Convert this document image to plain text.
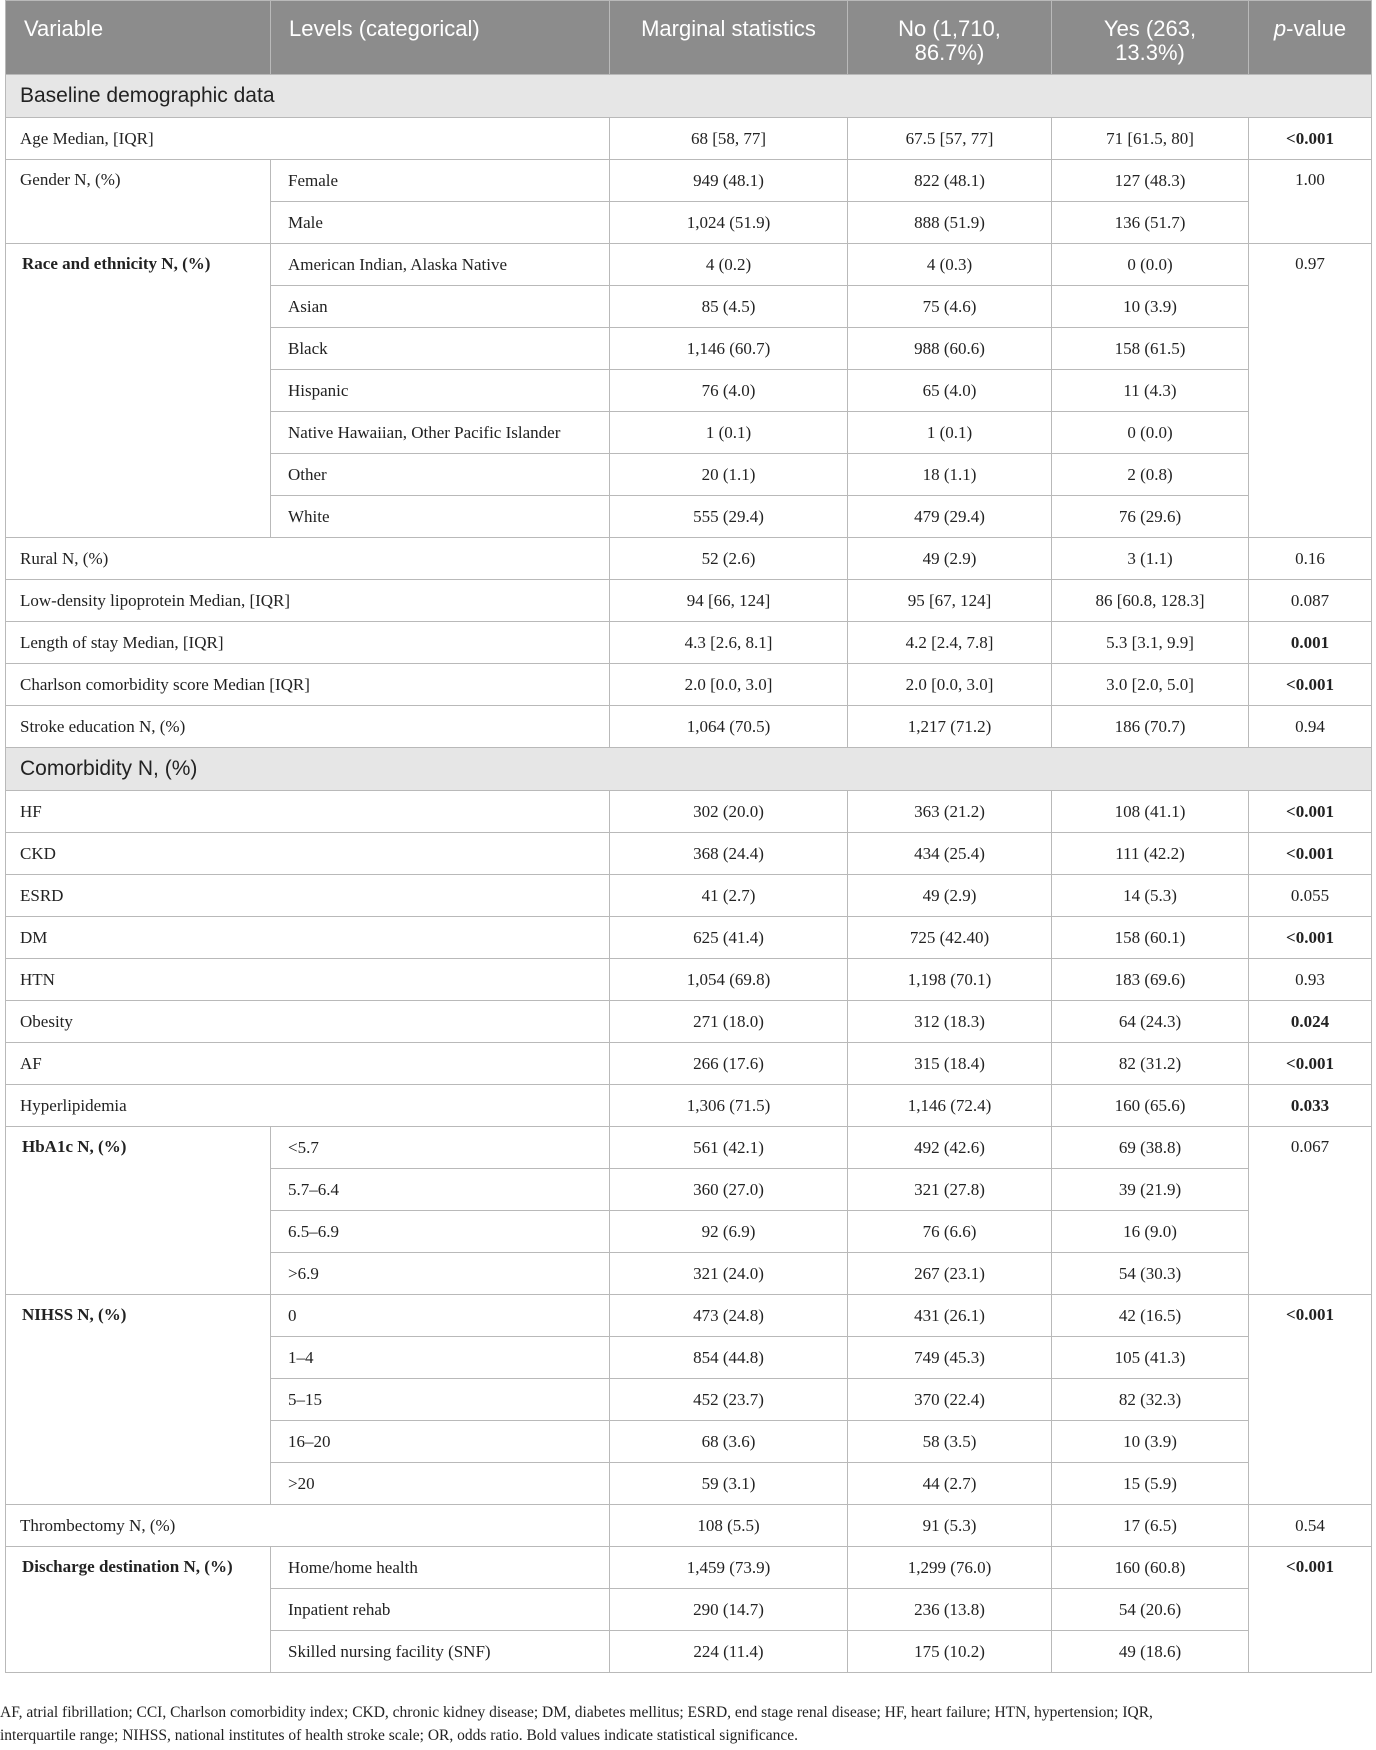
Variable	Levels (categorical)	Marginal statistics	No (1,710,
86.7%)	Yes (263,
13.3%)	p-value
Baseline demographic data					
Age Median, [IQR]		68 [58, 77]	67.5 [57, 77]	71 [61.5, 80]	<0.001
Gender N, (%)	Female	949 (48.1)	822 (48.1)	127 (48.3)	1.00
	Male	1,024 (51.9)	888 (51.9)	136 (51.7)	
Race and ethnicity N, (%)	American Indian, Alaska Native	4 (0.2)	4 (0.3)	0 (0.0)	0.97
	Asian	85 (4.5)	75 (4.6)	10 (3.9)	
	Black	1,146 (60.7)	988 (60.6)	158 (61.5)	
	Hispanic	76 (4.0)	65 (4.0)	11 (4.3)	
	Native Hawaiian, Other Pacific Islander	1 (0.1)	1 (0.1)	0 (0.0)	
	Other	20 (1.1)	18 (1.1)	2 (0.8)	
	White	555 (29.4)	479 (29.4)	76 (29.6)	
Rural N, (%)		52 (2.6)	49 (2.9)	3 (1.1)	0.16
Low-density lipoprotein Median, [IQR]		94 [66, 124]	95 [67, 124]	86 [60.8, 128.3]	0.087
Length of stay Median, [IQR]		4.3 [2.6, 8.1]	4.2 [2.4, 7.8]	5.3 [3.1, 9.9]	0.001
Charlson comorbidity score Median [IQR]		2.0 [0.0, 3.0]	2.0 [0.0, 3.0]	3.0 [2.0, 5.0]	<0.001
Stroke education N, (%)		1,064 (70.5)	1,217 (71.2)	186 (70.7)	0.94
Comorbidity N, (%)					
HF		302 (20.0)	363 (21.2)	108 (41.1)	<0.001
CKD		368 (24.4)	434 (25.4)	111 (42.2)	<0.001
ESRD		41 (2.7)	49 (2.9)	14 (5.3)	0.055
DM		625 (41.4)	725 (42.40)	158 (60.1)	<0.001
HTN		1,054 (69.8)	1,198 (70.1)	183 (69.6)	0.93
Obesity		271 (18.0)	312 (18.3)	64 (24.3)	0.024
AF		266 (17.6)	315 (18.4)	82 (31.2)	<0.001
Hyperlipidemia		1,306 (71.5)	1,146 (72.4)	160 (65.6)	0.033
HbA1c N, (%)	<5.7	561 (42.1)	492 (42.6)	69 (38.8)	0.067
	5.7–6.4	360 (27.0)	321 (27.8)	39 (21.9)	
	6.5–6.9	92 (6.9)	76 (6.6)	16 (9.0)	
	>6.9	321 (24.0)	267 (23.1)	54 (30.3)	
NIHSS N, (%)	0	473 (24.8)	431 (26.1)	42 (16.5)	<0.001
	1–4	854 (44.8)	749 (45.3)	105 (41.3)	
	5–15	452 (23.7)	370 (22.4)	82 (32.3)	
	16–20	68 (3.6)	58 (3.5)	10 (3.9)	
	>20	59 (3.1)	44 (2.7)	15 (5.9)	
Thrombectomy N, (%)		108 (5.5)	91 (5.3)	17 (6.5)	0.54
Discharge destination N, (%)	Home/home health	1,459 (73.9)	1,299 (76.0)	160 (60.8)	<0.001
	Inpatient rehab	290 (14.7)	236 (13.8)	54 (20.6)	
	Skilled nursing facility (SNF)	224 (11.4)	175 (10.2)	49 (18.6)	
AF, atrial fibrillation; CCI, Charlson comorbidity index; CKD, chronic kidney disease; DM, diabetes mellitus; ESRD, end stage renal disease; HF, heart failure; HTN, hypertension; IQR,
interquartile range; NIHSS, national institutes of health stroke scale; OR, odds ratio. Bold values indicate statistical significance.
